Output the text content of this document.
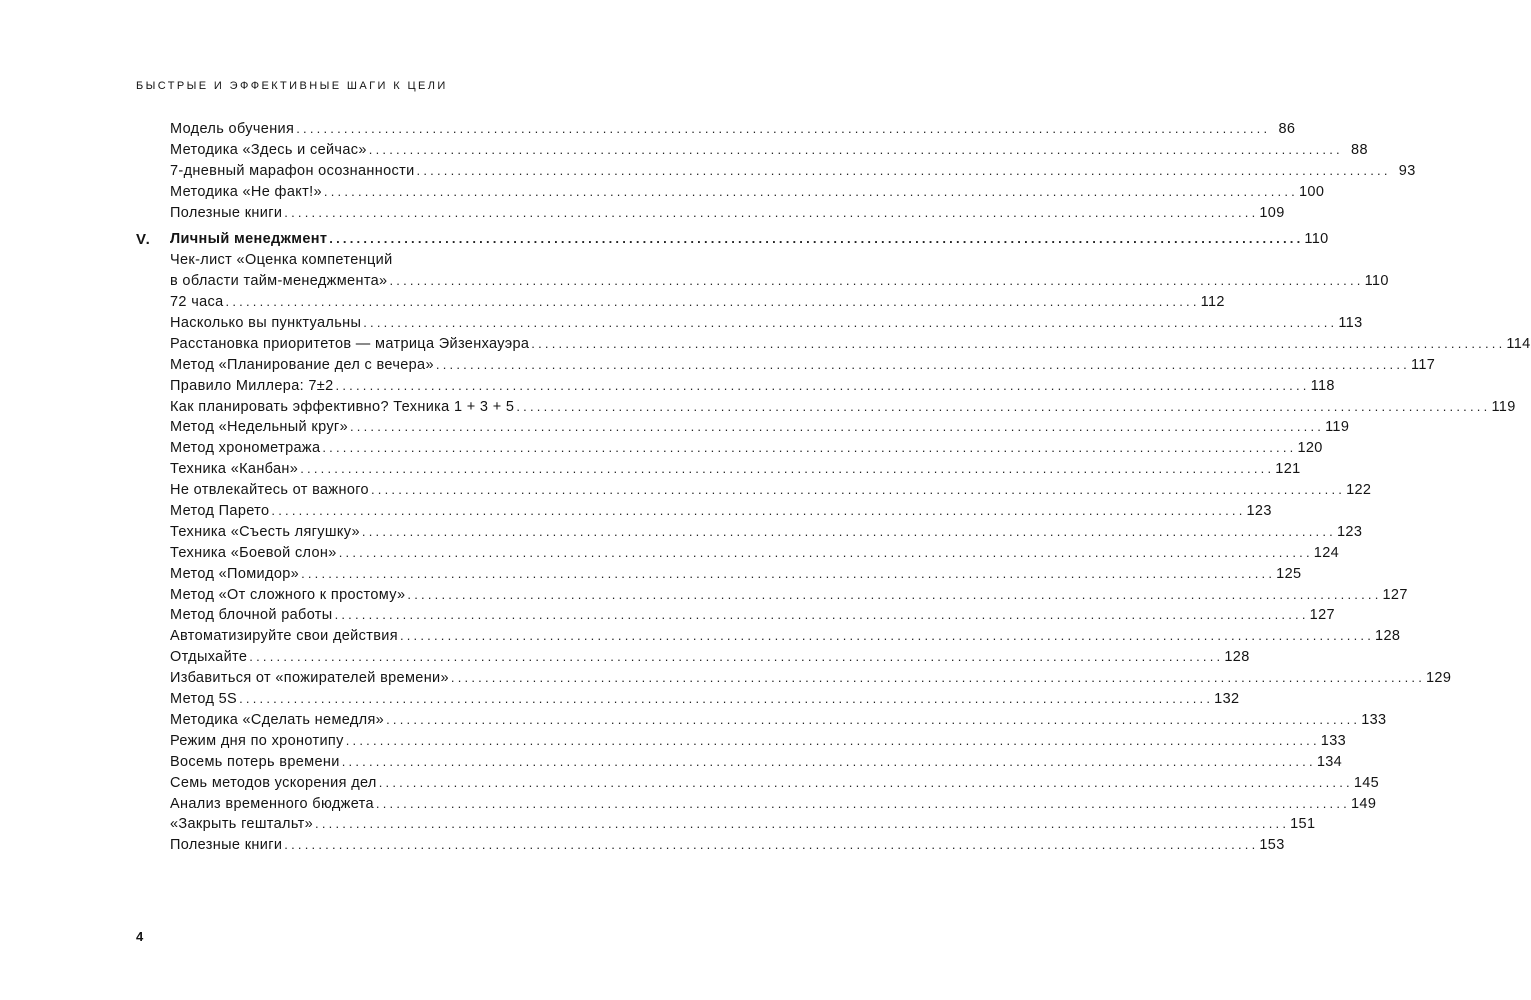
БЫСТРЫЕ И ЭФФЕКТИВНЫЕ ШАГИ К ЦЕЛИ
Модель обучения ............................................................................................................................................... 86
Методика «Здесь и сейчас» ............................................................................................................................................... 88
7-дневный марафон осознанности ............................................................................................................................................... 93
Методика «Не факт!» ............................................................................................................................................... 100
Полезные книги ............................................................................................................................................... 109
V. Личный менеджмент ............................................................................................................................................... 110
Чек-лист «Оценка компетенций
в области тайм-менеджмента» ............................................................................................................................................... 110
72 часа ............................................................................................................................................... 112
Насколько вы пунктуальны ............................................................................................................................................... 113
Расстановка приоритетов — матрица Эйзенхауэра ............................................................................................................................................... 114
Метод «Планирование дел с вечера» ............................................................................................................................................... 117
Правило Миллера: 7±2 ............................................................................................................................................... 118
Как планировать эффективно? Техника 1 + 3 + 5 ............................................................................................................................................... 119
Метод «Недельный круг» ............................................................................................................................................... 119
Метод хронометража ............................................................................................................................................... 120
Техника «Канбан» ............................................................................................................................................... 121
Не отвлекайтесь от важного ............................................................................................................................................... 122
Метод Парето ............................................................................................................................................... 123
Техника «Съесть лягушку» ............................................................................................................................................... 123
Техника «Боевой слон» ............................................................................................................................................... 124
Метод «Помидор» ............................................................................................................................................... 125
Метод «От сложного к простому» ............................................................................................................................................... 127
Метод блочной работы ............................................................................................................................................... 127
Автоматизируйте свои действия ............................................................................................................................................... 128
Отдыхайте ............................................................................................................................................... 128
Избавиться от «пожирателей времени» ............................................................................................................................................... 129
Метод 5S ............................................................................................................................................... 132
Методика «Сделать немедля» ............................................................................................................................................... 133
Режим дня по хронотипу ............................................................................................................................................... 133
Восемь потерь времени ............................................................................................................................................... 134
Семь методов ускорения дел ............................................................................................................................................... 145
Анализ временного бюджета ............................................................................................................................................... 149
«Закрыть гештальт» ............................................................................................................................................... 151
Полезные книги ............................................................................................................................................... 153
4
